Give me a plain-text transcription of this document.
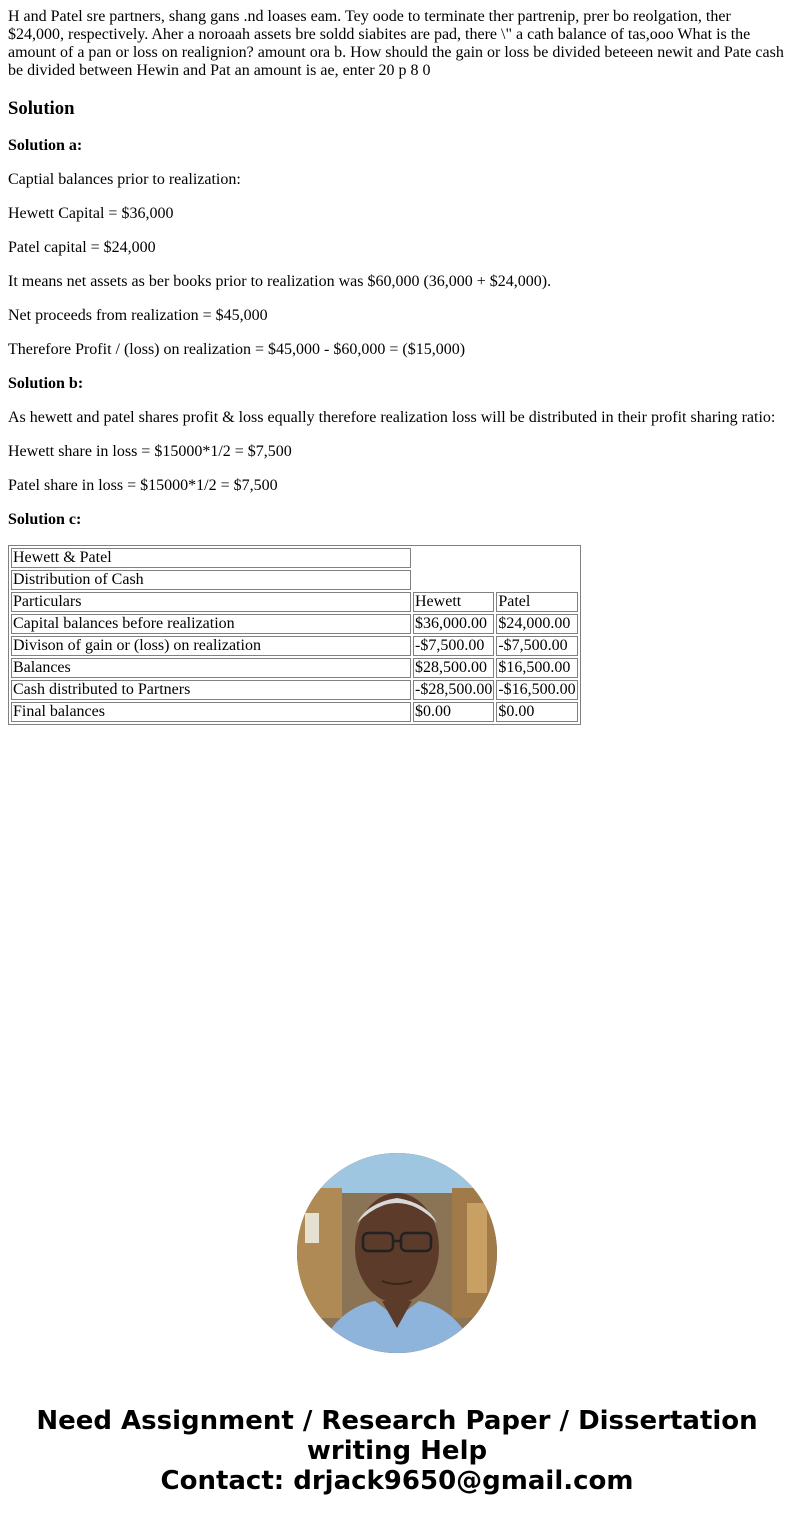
H and Patel sre partners, shang gans .nd loases eam. Tey oode to terminate ther partrenip, prer bo reolgation, ther $24,000, respectively. Aher a noroaah assets bre soldd siabites are pad, there \" a cath balance of tas,ooo What is the amount of a pan or loss on realignion? amount ora b. How should the gain or loss be divided beteeen newit and Pate cash be divided between Hewin and Pat an amount is ae, enter 20 p 8 0
Solution

Solution a:

Captial balances prior to realization:

Hewett Capital = $36,000

Patel capital = $24,000

It means net assets as ber books prior to realization was $60,000 (36,000 + $24,000).

Net proceeds from realization = $45,000

Therefore Profit / (loss) on realization = $45,000 - $60,000 = ($15,000)

Solution b:

As hewett and patel shares profit & loss equally therefore realization loss will be distributed in their profit sharing ratio:

Hewett share in loss = $15000*1/2 = $7,500

Patel share in loss = $15000*1/2 = $7,500

Solution c:

Hewett & Patel		
Distribution of Cash		
Particulars	Hewett	Patel
Capital balances before realization	$36,000.00	$24,000.00
Divison of gain or (loss) on realization	-$7,500.00	-$7,500.00
Balances	$28,500.00	$16,500.00
Cash distributed to Partners	-$28,500.00	-$16,500.00
Final balances	$0.00	$0.00
Need Assignment / Research Paper / Dissertation
writing Help
Contact: drjack9650@gmail.com
